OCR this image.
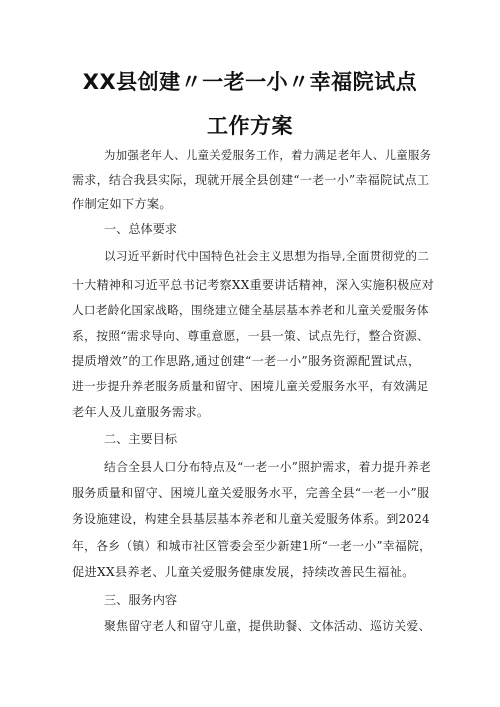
XX县创建〃一老一小〃幸福院试点
工作方案
为加强老年人、儿童关爱服务工作，着力满足老年人、儿童服务
需求，结合我县实际，现就开展全县创建“一老一小”幸福院试点工
作制定如下方案。
一、总体要求
以习近平新时代中国特色社会主义思想为指导,全面贯彻党的二
十大精神和习近平总书记考察XX重要讲话精神，深入实施积极应对
人口老龄化国家战略，围绕建立健全基层基本养老和儿童关爱服务体
系，按照“需求导向、尊重意愿，一县一策、试点先行，整合资源、
提质增效”的工作思路,通过创建“一老一小”服务资源配置试点，
进一步提升养老服务质量和留守、困境儿童关爱服务水平，有效满足
老年人及儿童服务需求。
二、主要目标
结合全县人口分布特点及“一老一小”照护需求，着力提升养老
服务质量和留守、困境儿童关爱服务水平，完善全县“一老一小”服
务设施建设，构建全县基层基本养老和儿童关爱服务体系。到2024
年，各乡（镇）和城市社区管委会至少新建1所“一老一小”幸福院，
促进XX县养老、儿童关爱服务健康发展，持续改善民生福祉。
三、服务内容
聚焦留守老人和留守儿童，提供助餐、文体活动、巡访关爱、
